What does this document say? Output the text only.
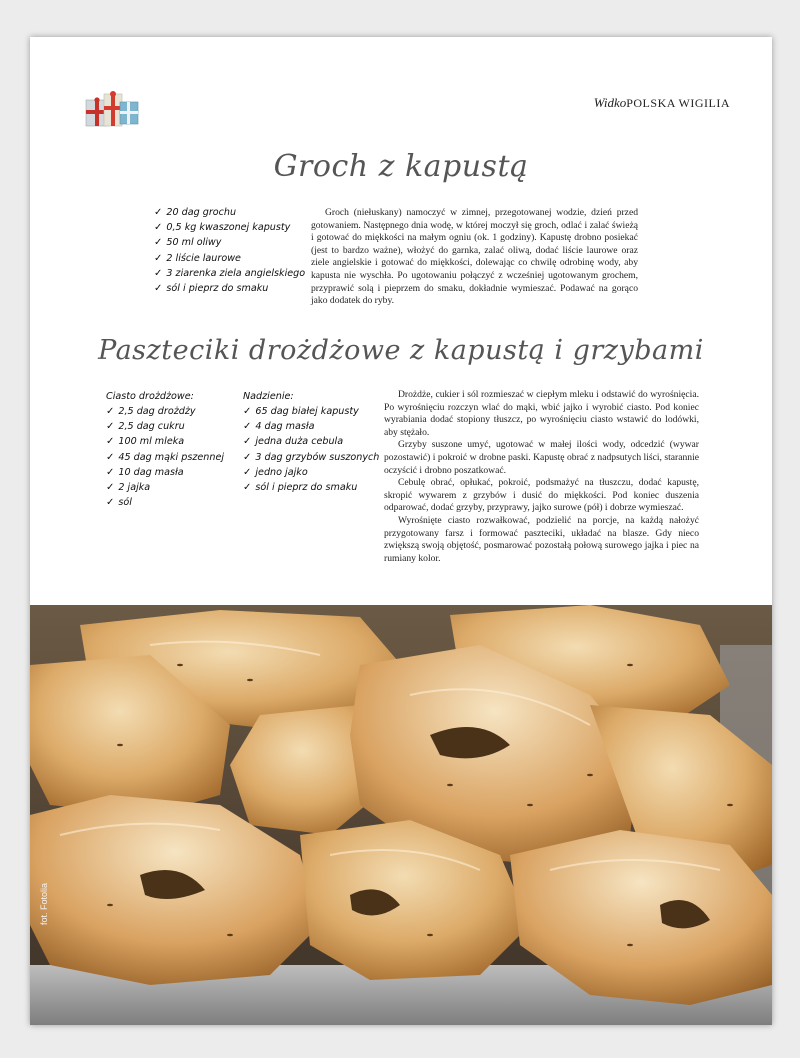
WidkoPOLSKA WIGILIA
Groch z kapustą
✓ 20 dag grochu
✓ 0,5 kg kwaszonej kapusty
✓ 50 ml oliwy
✓ 2 liście laurowe
✓ 3 ziarenka ziela angielskiego
✓ sól i pieprz do smaku

Groch (niełuskany) namoczyć w zimnej, przegotowanej wodzie, dzień przed gotowaniem. Następnego dnia wodę, w której moczył się groch, odlać i zalać świeżą i gotować do miękkości na małym ogniu (ok. 1 godziny). Kapustę drobno posiekać (jest to bardzo ważne), włożyć do garnka, zalać oliwą, dodać liście laurowe oraz ziele angielskie i gotować do miękkości, dolewając co chwilę odrobinę wody, aby kapusta nie wyschła. Po ugotowaniu połączyć z wcześniej ugotowanym grochem, przyprawić solą i pieprzem do smaku, dokładnie wymieszać. Podawać na gorąco jako dodatek do ryby.

Paszteciki drożdżowe z kapustą i grzybami
Ciasto drożdżowe:
✓ 2,5 dag drożdży
✓ 2,5 dag cukru
✓ 100 ml mleka
✓ 45 dag mąki pszennej
✓ 10 dag masła
✓ 2 jajka
✓ sól
Nadzienie:
✓ 65 dag białej kapusty
✓ 4 dag masła
✓ jedna duża cebula
✓ 3 dag grzybów suszonych
✓ jedno jajko
✓ sól i pieprz do smaku

Drożdże, cukier i sól rozmieszać w ciepłym mleku i odstawić do wyrośnięcia. Po wyrośnięciu rozczyn wlać do mąki, wbić jajko i wyrobić ciasto. Pod koniec wyrabiania dodać stopiony tłuszcz, po wyrośnięciu ciasto wstawić do lodówki, aby stężało.

Grzyby suszone umyć, ugotować w małej ilości wody, odcedzić (wywar pozostawić) i pokroić w drobne paski. Kapustę obrać z nadpsutych liści, starannie oczyścić i drobno poszatkować.

Cebulę obrać, opłukać, pokroić, podsmażyć na tłuszczu, dodać kapustę, skropić wywarem z grzybów i dusić do miękkości. Pod koniec duszenia odparować, dodać grzyby, przyprawy, jajko surowe (pół) i dobrze wymieszać.

Wyrośnięte ciasto rozwałkować, podzielić na porcje, na każdą nałożyć przygotowany farsz i formować paszteciki, układać na blasze. Gdy nieco zwiększą swoją objętość, posmarować pozostałą połową surowego jajka i piec na rumiany kolor.

fot. Fotolia
